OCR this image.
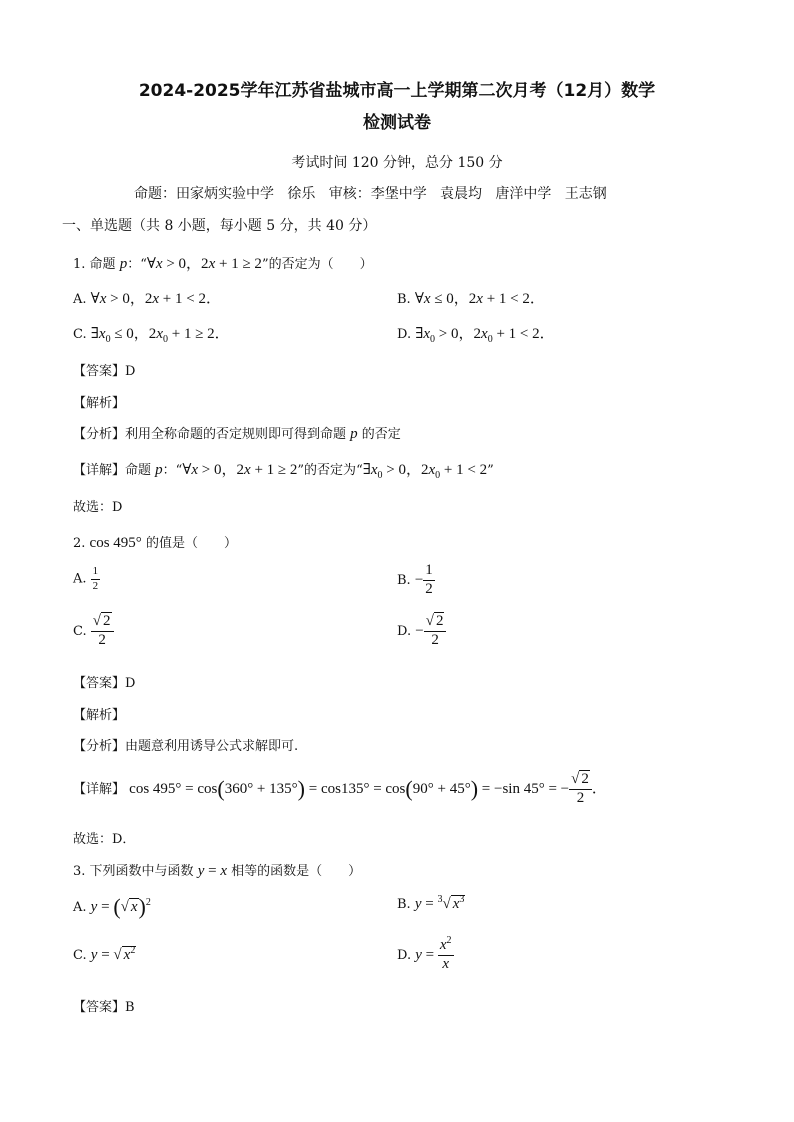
2024-2025学年江苏省盐城市高一上学期第二次月考（12月）数学
检测试卷
考试时间 120 分钟，总分 150 分
命题：田家炳实验中学   徐乐   审核：李堡中学   袁晨均   唐洋中学   王志钢
一、单选题（共 8 小题，每小题 5 分，共 40 分）
1. 命题 p：“∀x > 0，2x + 1 ≥ 2”的否定为（　　）
A. ∀x > 0，2x + 1 < 2．	B. ∀x ≤ 0，2x + 1 < 2．
C. $\exists x_0 \le 0$，$2x_0 + 1 \ge 2$．	D. $\exists x_0 > 0$，$2x_0 + 1 < 2$．
【答案】D
【解析】
【分析】利用全称命题的否定规则即可得到命题 p 的否定
【详解】命题 p：“∀x > 0，2x + 1 ≥ 2”的否定为“$\exists x_0 > 0$，$2x_0 + 1 < 2$”
故选：D
2. cos 495° 的值是（　　）
A. $\frac{1}{2}$	B. − $\frac{1}{2}$
C. $\frac{√ 2}{2}$	D. − $\frac{√ 2}{2}$
【答案】D
【解析】
【分析】由题意利用诱导公式求解即可.
【详解】 cos 495° = cos(360° + 135°) = cos135° = cos(90° + 45°) = −sin 45° = − $\frac{√ 2}{2}$ ．
故选：D．
3. 下列函数中与函数 y = x 相等的函数是（　　）
A. y = (√ x)$^2$	B. y = $^3$√ $x^3$
C. y = √ $x^2$	D. $y = \frac{x^2}{x}$
【答案】B
